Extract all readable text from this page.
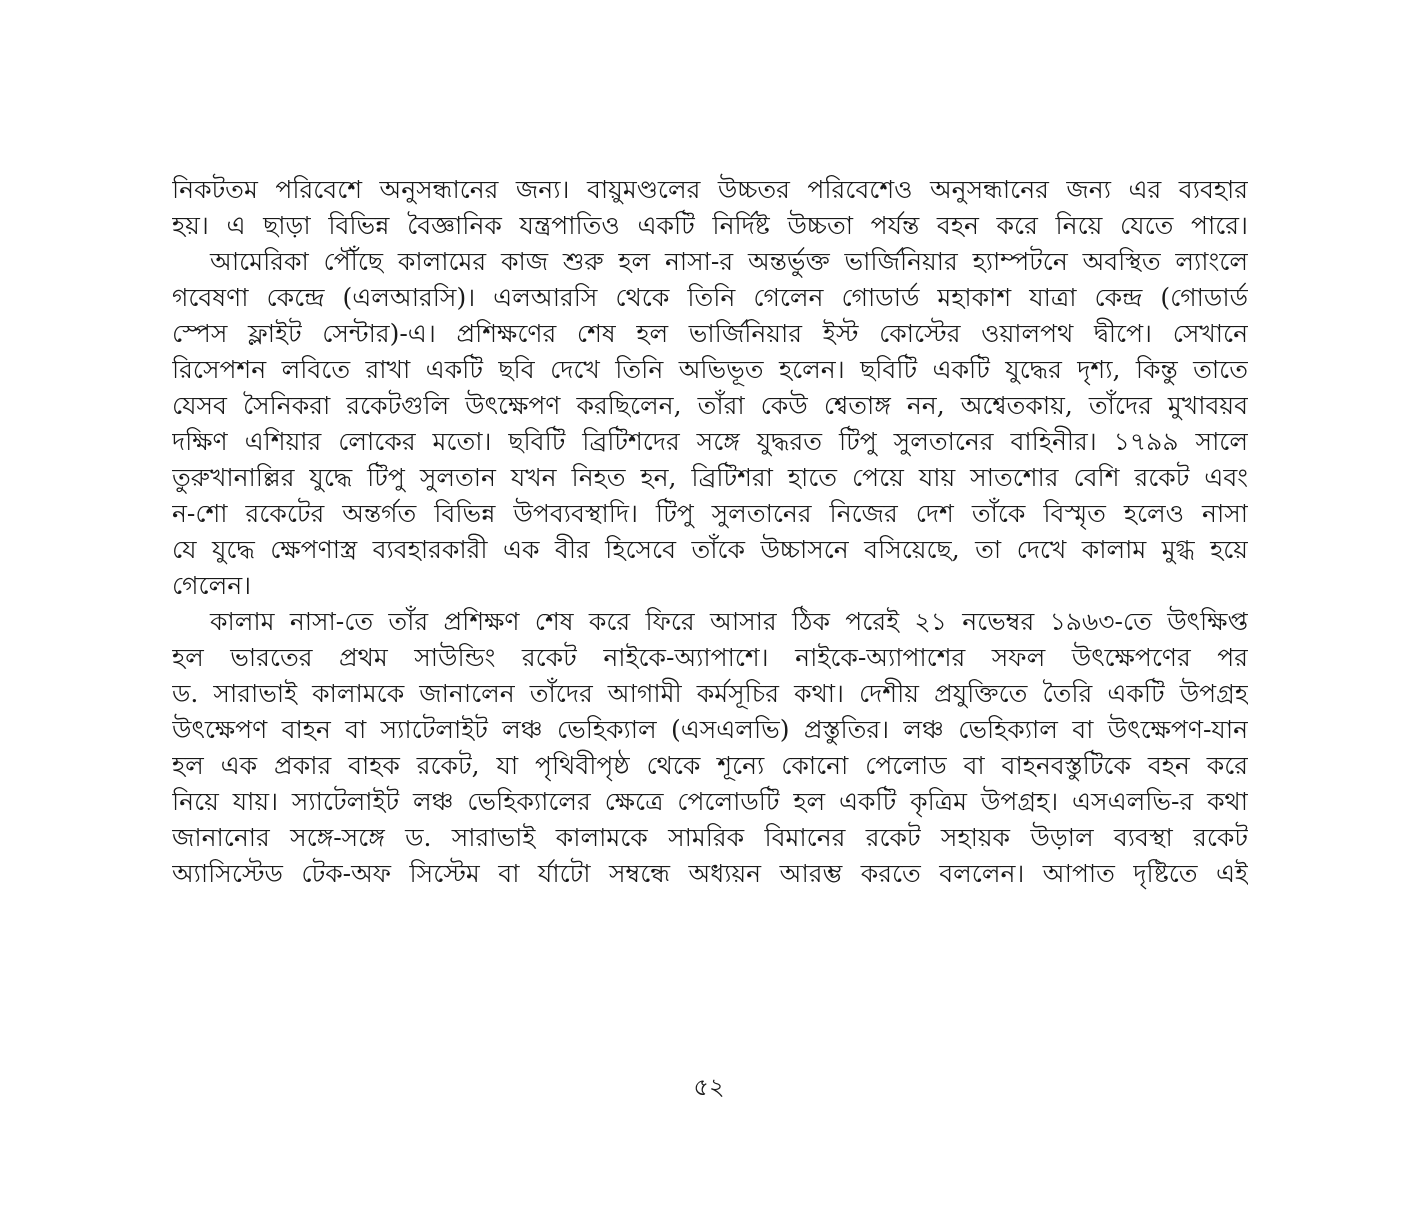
নিকটতম পরিবেশে অনুসন্ধানের জন্য। বায়ুমণ্ডলের উচ্চতর পরিবেশেও অনুসন্ধানের জন্য এর ব্যবহার
হয়। এ ছাড়া বিভিন্ন বৈজ্ঞানিক যন্ত্রপাতিও একটি নির্দিষ্ট উচ্চতা পর্যন্ত বহন করে নিয়ে যেতে পারে।
আমেরিকা পৌঁছে কালামের কাজ শুরু হল নাসা-র অন্তর্ভুক্ত ভার্জিনিয়ার হ্যাম্পটনে অবস্থিত ল্যাংলে
গবেষণা কেন্দ্রে (এলআরসি)। এলআরসি থেকে তিনি গেলেন গোডার্ড মহাকাশ যাত্রা কেন্দ্র (গোডার্ড
স্পেস ফ্লাইট সেন্টার)-এ। প্রশিক্ষণের শেষ হল ভার্জিনিয়ার ইস্ট কোস্টের ওয়ালপথ দ্বীপে। সেখানে
রিসেপশন লবিতে রাখা একটি ছবি দেখে তিনি অভিভূত হলেন। ছবিটি একটি যুদ্ধের দৃশ্য, কিন্তু তাতে
যেসব সৈনিকরা রকেটগুলি উৎক্ষেপণ করছিলেন, তাঁরা কেউ শ্বেতাঙ্গ নন, অশ্বেতকায়, তাঁদের মুখাবয়ব
দক্ষিণ এশিয়ার লোকের মতো। ছবিটি ব্রিটিশদের সঙ্গে যুদ্ধরত টিপু সুলতানের বাহিনীর। ১৭৯৯ সালে
তুরুখানাল্লির যুদ্ধে টিপু সুলতান যখন নিহত হন, ব্রিটিশরা হাতে পেয়ে যায় সাতশোর বেশি রকেট এবং
ন-শো রকেটের অন্তর্গত বিভিন্ন উপব্যবস্থাদি। টিপু সুলতানের নিজের দেশ তাঁকে বিস্মৃত হলেও নাসা
যে যুদ্ধে ক্ষেপণাস্ত্র ব্যবহারকারী এক বীর হিসেবে তাঁকে উচ্চাসনে বসিয়েছে, তা দেখে কালাম মুগ্ধ হয়ে
গেলেন।
কালাম নাসা-তে তাঁর প্রশিক্ষণ শেষ করে ফিরে আসার ঠিক পরেই ২১ নভেম্বর ১৯৬৩-তে উৎক্ষিপ্ত
হল ভারতের প্রথম সাউন্ডিং রকেট নাইকে-অ্যাপাশে। নাইকে-অ্যাপাশের সফল উৎক্ষেপণের পর
ড. সারাভাই কালামকে জানালেন তাঁদের আগামী কর্মসূচির কথা। দেশীয় প্রযুক্তিতে তৈরি একটি উপগ্রহ
উৎক্ষেপণ বাহন বা স্যাটেলাইট লঞ্চ ভেহিক্যাল (এসএলভি) প্রস্তুতির। লঞ্চ ভেহিক্যাল বা উৎক্ষেপণ-যান
হল এক প্রকার বাহক রকেট, যা পৃথিবীপৃষ্ঠ থেকে শূন্যে কোনো পেলোড বা বাহনবস্তুটিকে বহন করে
নিয়ে যায়। স্যাটেলাইট লঞ্চ ভেহিক্যালের ক্ষেত্রে পেলোডটি হল একটি কৃত্রিম উপগ্রহ। এসএলভি-র কথা
জানানোর সঙ্গে-সঙ্গে ড. সারাভাই কালামকে সামরিক বিমানের রকেট সহায়ক উড়াল ব্যবস্থা রকেট
অ্যাসিস্টেড টেক-অফ সিস্টেম বা র্যাটো সম্বন্ধে অধ্যয়ন আরম্ভ করতে বললেন। আপাত দৃষ্টিতে এই
৫২
